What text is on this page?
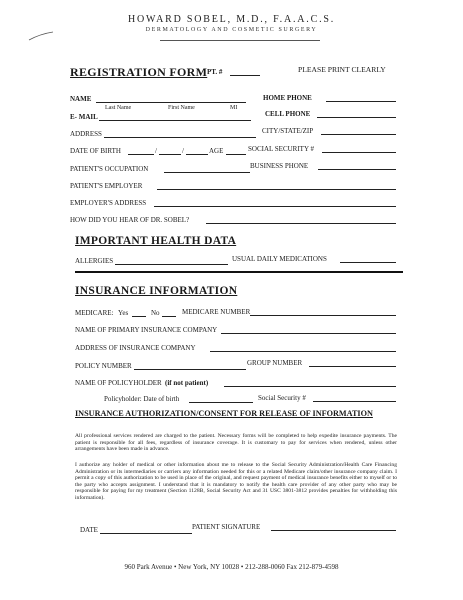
HOWARD SOBEL, M.D., F.A.A.C.S.
DERMATOLOGY AND COSMETIC SURGERY
REGISTRATION FORM PT. #	PLEASE PRINT CLEARLY
NAME
Last Name	First Name	MI
HOME PHONE
E- MAIL	CELL PHONE
ADDRESS	CITY/STATE/ZIP
DATE OF BIRTH	/	/	AGE	SOCIAL SECURITY #
PATIENT'S OCCUPATION	BUSINESS PHONE
PATIENT'S EMPLOYER
EMPLOYER'S ADDRESS
HOW DID YOU HEAR OF DR. SOBEL?
IMPORTANT HEALTH DATA
ALLERGIES	USUAL DAILY MEDICATIONS
INSURANCE INFORMATION
MEDICARE: Yes	No	MEDICARE NUMBER
NAME OF PRIMARY INSURANCE COMPANY
ADDRESS OF INSURANCE COMPANY
POLICY NUMBER	GROUP NUMBER
NAME OF POLICYHOLDER (if not patient)
Policyholder: Date of birth	Social Security #
INSURANCE AUTHORIZATION/CONSENT FOR RELEASE OF INFORMATION
All professional services rendered are charged to the patient. Necessary forms will be completed to help expedite insurance payments. The patient is responsible for all fees, regardless of insurance coverage. It is customary to pay for services when rendered, unless other arrangements have been made in advance.
I authorize any holder of medical or other information about me to release to the Social Security Administration/Health Care Financing Administration or its intermediaries or carriers any information needed for this or a related Medicare claim/other insurance company claim. I permit a copy of this authorization to be used in place of the original, and request payment of medical insurance benefits either to myself or to the party who accepts assignment. I understand that it is mandatory to notify the health care provider of any other party who may be responsible for paying for my treatment (Section 1128B, Social Security Act and 31 USC 3801-3812 provides penalties for withholding this information).
DATE	PATIENT SIGNATURE
960 Park Avenue • New York, NY 10028 • 212-288-0060 Fax 212-879-4598
